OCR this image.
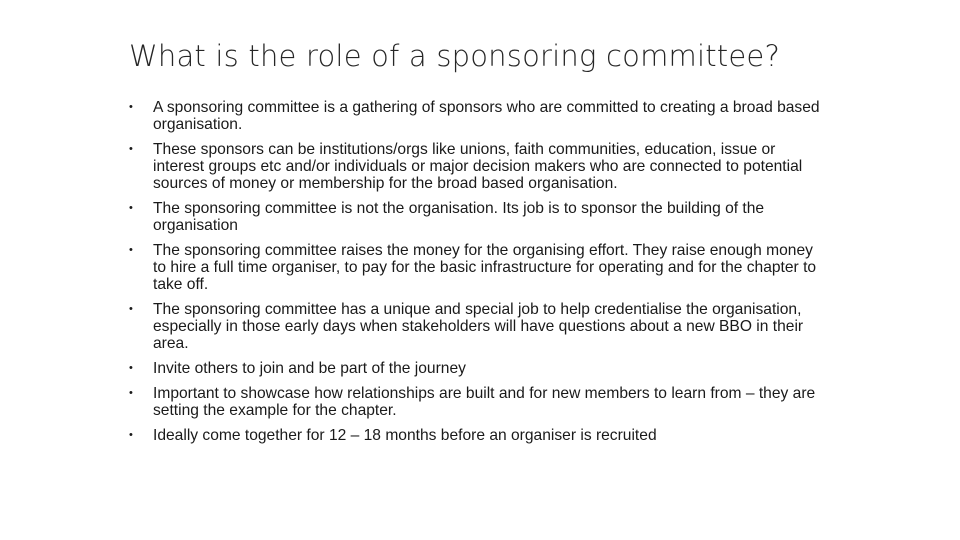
What is the role of a sponsoring committee?
•	A sponsoring committee is a gathering of sponsors who are committed to creating a broad based organisation.
•	These sponsors can be institutions/orgs like unions, faith communities, education, issue or interest groups etc and/or individuals or major decision makers who are connected to potential sources of money or membership for the broad based organisation.
•	The sponsoring committee is not the organisation. Its job is to sponsor the building of the organisation
•	The sponsoring committee raises the money for the organising effort. They raise enough money to hire a full time organiser, to pay for the basic infrastructure for operating and for the chapter to take off.
•	The sponsoring committee has a unique and special job to help credentialise the organisation, especially in those early days when stakeholders will have questions about a new BBO in their area.
•	Invite others to join and be part of the journey
•	Important to showcase how relationships are built and for new members to learn from – they are setting the example for the chapter.
•	Ideally come together for 12 – 18 months before an organiser is recruited
